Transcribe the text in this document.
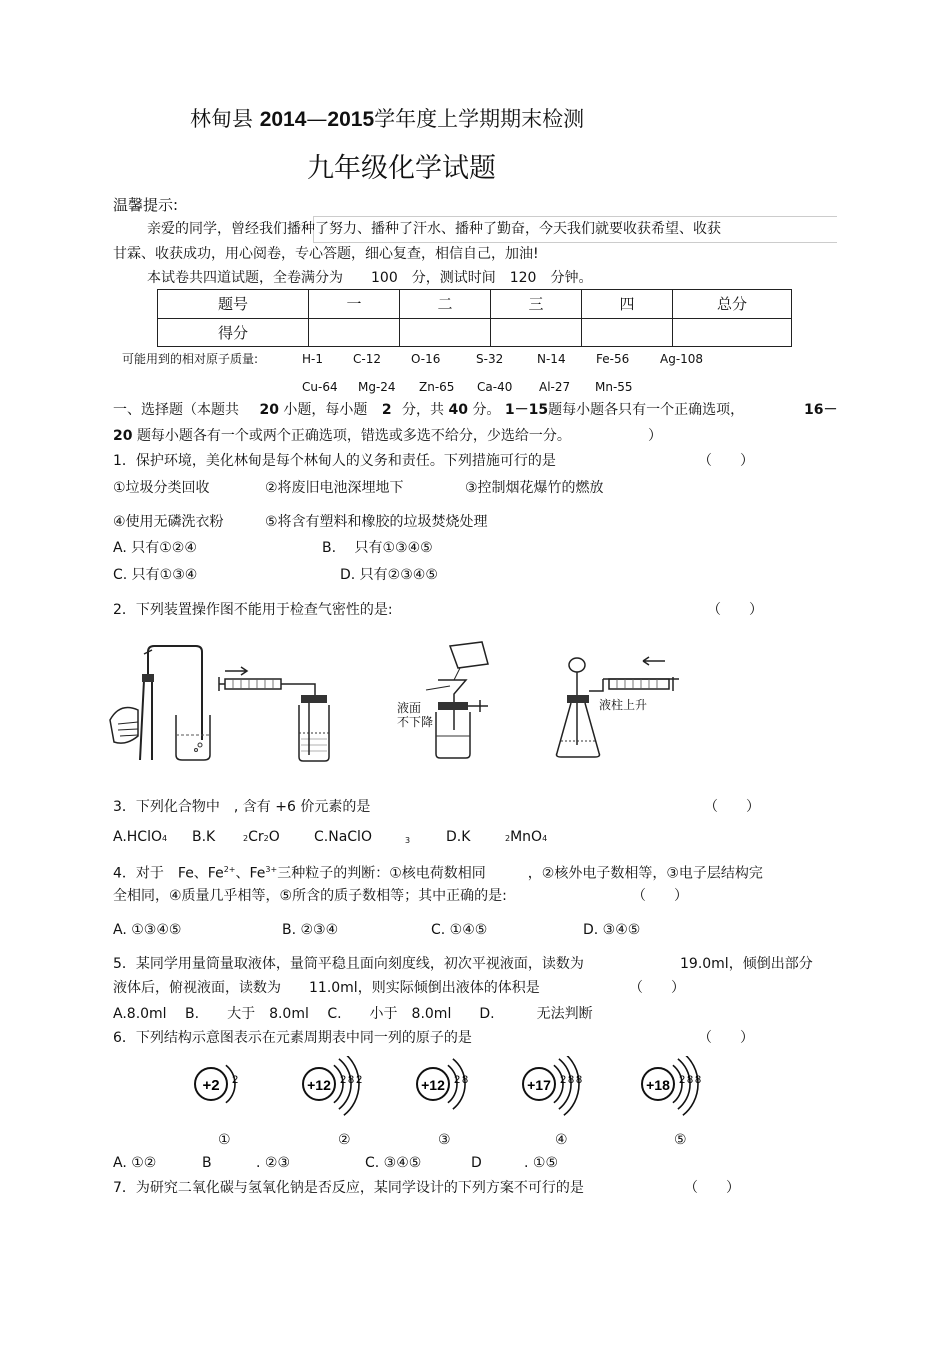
林甸县 2014—2015学年度上学期期末检测
九年级化学试题
温馨提示:
亲爱的同学，曾经我们播种了努力、播种了汗水、播种了勤奋，今天我们就要收获希望、收获
甘霖、收获成功，用心阅卷，专心答题，细心复查，相信自己，加油!
本试卷共四道试题，全卷满分为　　100　分，测试时间　120　分钟。
题号	一	二	三	四	总分
得分					
可能用到的相对原子质量:	H-1	C-12	O-16	S-32	N-14	Fe-56	Ag-108
Cu-64 Mg-24 Zn-65 Ca-40 Al-27 Mn-55
一、选择题（本题共 20 小题，每小题 2 分，共 40 分。 1－15题每小题各只有一个正确选项，	16－
20 题每小题各有一个或两个正确选项，错选或多选不给分，少选给一分。	）
1．保护环境，美化林甸是每个林甸人的义务和责任。下列措施可行的是	（　　）
①垃圾分类回收	②将废旧电池深埋地下	③控制烟花爆竹的燃放
④使用无磷洗衣粉	⑤将含有塑料和橡胶的垃圾焚烧处理
A. 只有①②④	B.　 只有①③④⑤
C. 只有①③④	D. 只有②③④⑤
2．下列装置操作图不能用于检查气密性的是:	（　　）
液面
不下降
液柱上升
3．下列化合物中　, 含有 +6 价元素的是	（　　）
A.HClO4 B.K	2Cr2O C.NaClO	3	D.K	2MnO4
4．对于　Fe、$Fe^{2+}$、$Fe^{3+}$三种粒子的判断：①核电荷数相同　　　，②核外电子数相等，③电子层结构完
全相同，④质量几乎相等，⑤所含的质子数相等；其中正确的是:	（　　）
A. ①③④⑤	B. ②③④	C. ①④⑤	D. ③④⑤
5．某同学用量筒量取液体，量筒平稳且面向刻度线，初次平视液面，读数为	19.0ml，倾倒出部分
液体后，俯视液面，读数为　　11.0ml，则实际倾倒出液体的体积是	（　　）
A.8.0ml　 B.　　大于　8.0ml　 C.　　小于　8.0ml　　D.　　　无法判断
6．下列结构示意图表示在元素周期表中同一列的原子的是	（　　）
+2 2	+12 2 8 2	+12 2 8	+17 2 8 8	+18 2 8 8
①	②	③	④	⑤
A. ①②	B	. ②③	C. ③④⑤	D	. ①⑤
7．为研究二氧化碳与氢氧化钠是否反应，某同学设计的下列方案不可行的是	（　　）
